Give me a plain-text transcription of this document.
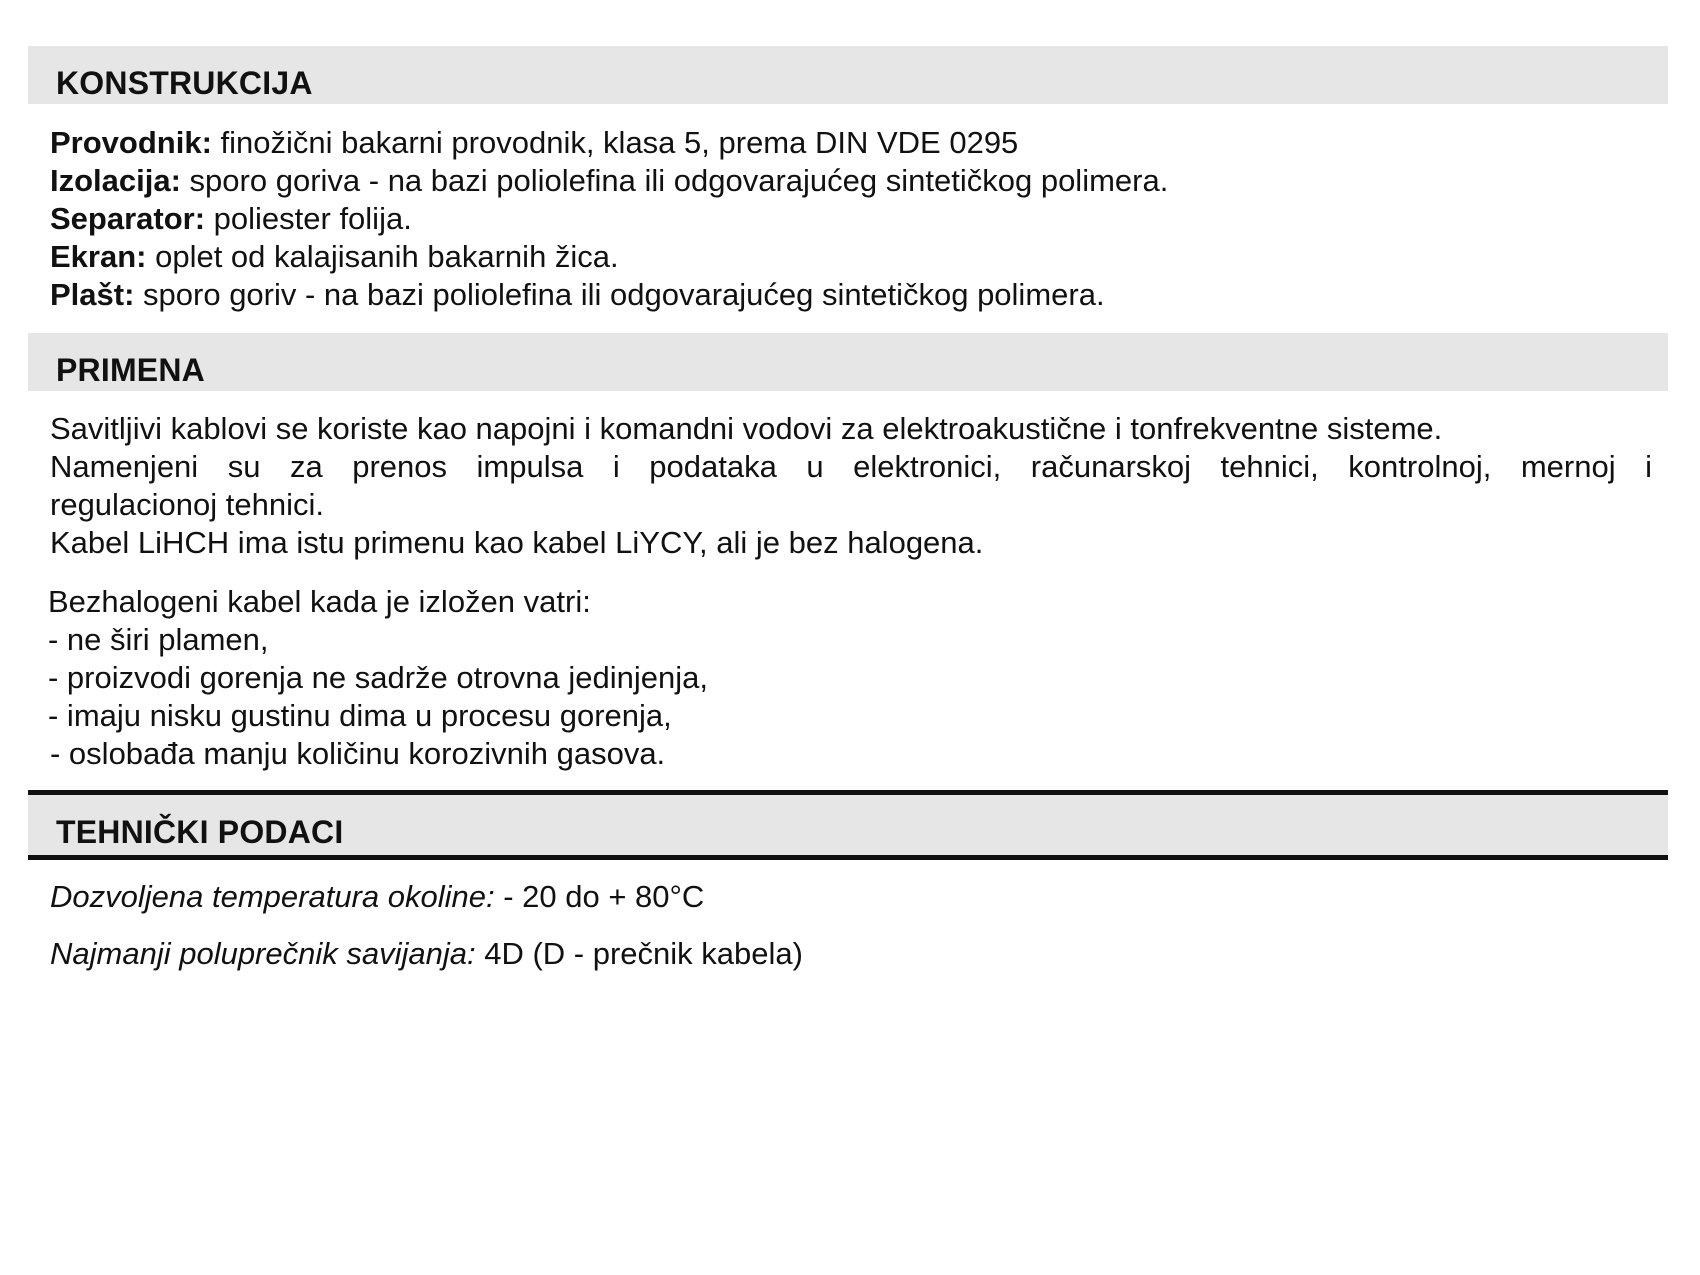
KONSTRUKCIJA

Provodnik: finožični bakarni provodnik, klasa 5, prema DIN VDE 0295

Izolacija: sporo goriva - na bazi poliolefina ili odgovarajućeg sintetičkog polimera.

Separator: poliester folija.

Ekran: oplet od kalajisanih bakarnih žica.

Plašt: sporo goriv - na bazi poliolefina ili odgovarajućeg sintetičkog polimera.

PRIMENA

Savitljivi kablovi se koriste kao napojni i komandni vodovi za elektroakustične i tonfrekventne sisteme.

Namenjeni su za prenos impulsa i podataka u elektronici, računarskoj tehnici, kontrolnoj, mernoj i

regulacionoj tehnici.

Kabel LiHCH ima istu primenu kao kabel LiYCY, ali je bez halogena.

Bezhalogeni kabel kada je izložen vatri:

- ne širi plamen,

- proizvodi gorenja ne sadrže otrovna jedinjenja,

- imaju nisku gustinu dima u procesu gorenja,

- oslobađa manju količinu korozivnih gasova.

TEHNIČKI PODACI

Dozvoljena temperatura okoline: - 20 do + 80°C

Najmanji poluprečnik savijanja: 4D (D - prečnik kabela)
